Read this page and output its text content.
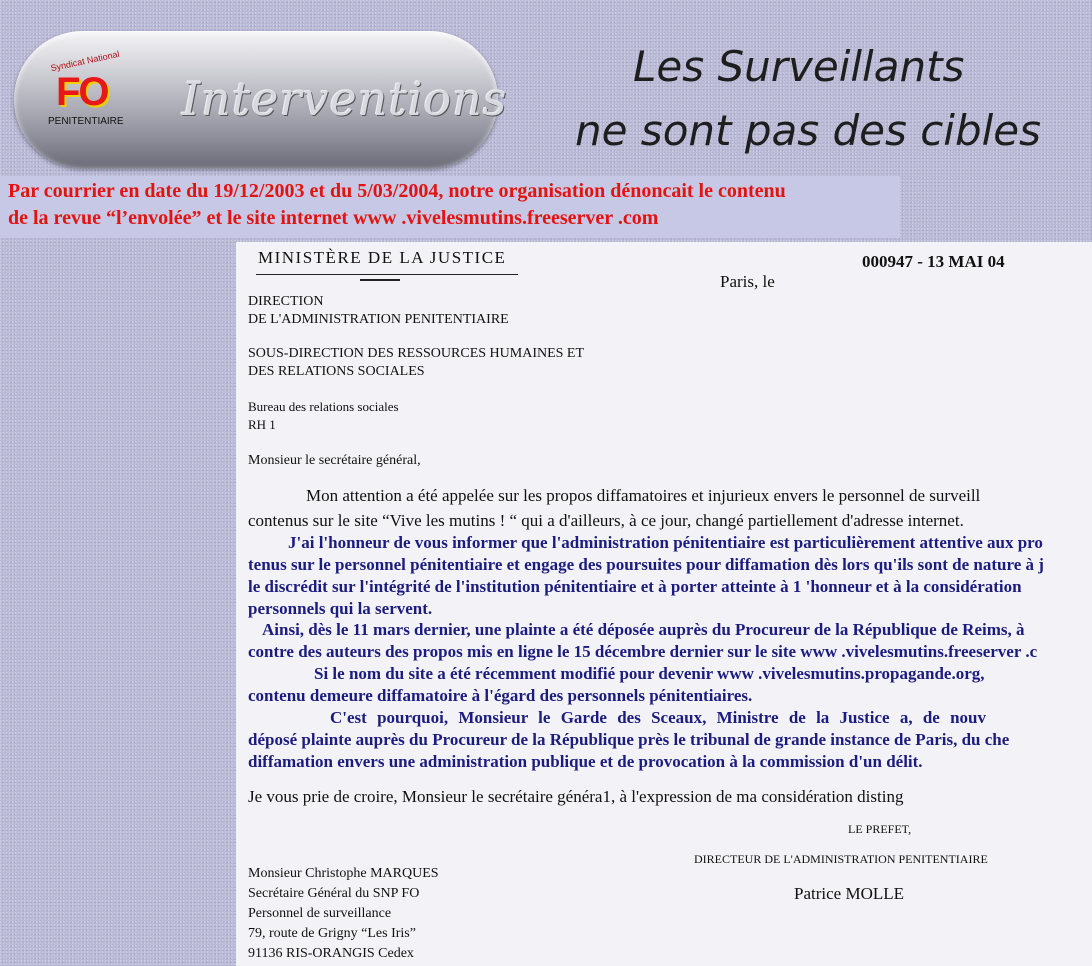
Syndicat National
FO
PENITENTIAIRE Interventions
Les Surveillants
ne sont pas des cibles
Par courrier en date du 19/12/2003 et du 5/03/2004, notre organisation dénoncait le contenu
de la revue “l’envolée” et le site internet www .vivelesmutins.freeserver .com

MINISTÈRE DE LA JUSTICE	000947 - 13 MAI 04
Paris, le
DIRECTION
DE L'ADMINISTRATION PENITENTIAIRE
SOUS-DIRECTION DES RESSOURCES HUMAINES ET
DES RELATIONS SOCIALES
Bureau des relations sociales
RH 1
Monsieur le secrétaire général,
Mon attention a été appelée sur les propos diffamatoires et injurieux envers le personnel de surveill
contenus sur le site “Vive les mutins ! “ qui a d'ailleurs, à ce jour, changé partiellement d'adresse internet.
J'ai l'honneur de vous informer que l'administration pénitentiaire est particulièrement attentive aux pro
tenus sur le personnel pénitentiaire et engage des poursuites pour diffamation dès lors qu'ils sont de nature à j
le discrédit sur l'intégrité de l'institution pénitentiaire et à porter atteinte à 1 'honneur et à la considération
personnels qui la servent.
Ainsi, dès le 11 mars dernier, une plainte a été déposée auprès du Procureur de la République de Reims, à
contre des auteurs des propos mis en ligne le 15 décembre dernier sur le site www .vivelesmutins.freeserver .c
Si le nom du site a été récemment modifié pour devenir www .vivelesmutins.propagande.org,
contenu demeure diffamatoire à l'égard des personnels pénitentiaires.
C'est pourquoi, Monsieur le Garde des Sceaux, Ministre de la Justice a, de nouv
déposé plainte auprès du Procureur de la République près le tribunal de grande instance de Paris, du che
diffamation envers une administration publique et de provocation à la commission d'un délit.
Je vous prie de croire, Monsieur le secrétaire généra1, à l'expression de ma considération disting
LE PREFET,
DIRECTEUR DE L'ADMINISTRATION PENITENTIAIRE
Patrice MOLLE
Monsieur Christophe MARQUES
Secrétaire Général du SNP FO
Personnel de surveillance
79, route de Grigny “Les Iris”
91136 RIS-ORANGIS Cedex
